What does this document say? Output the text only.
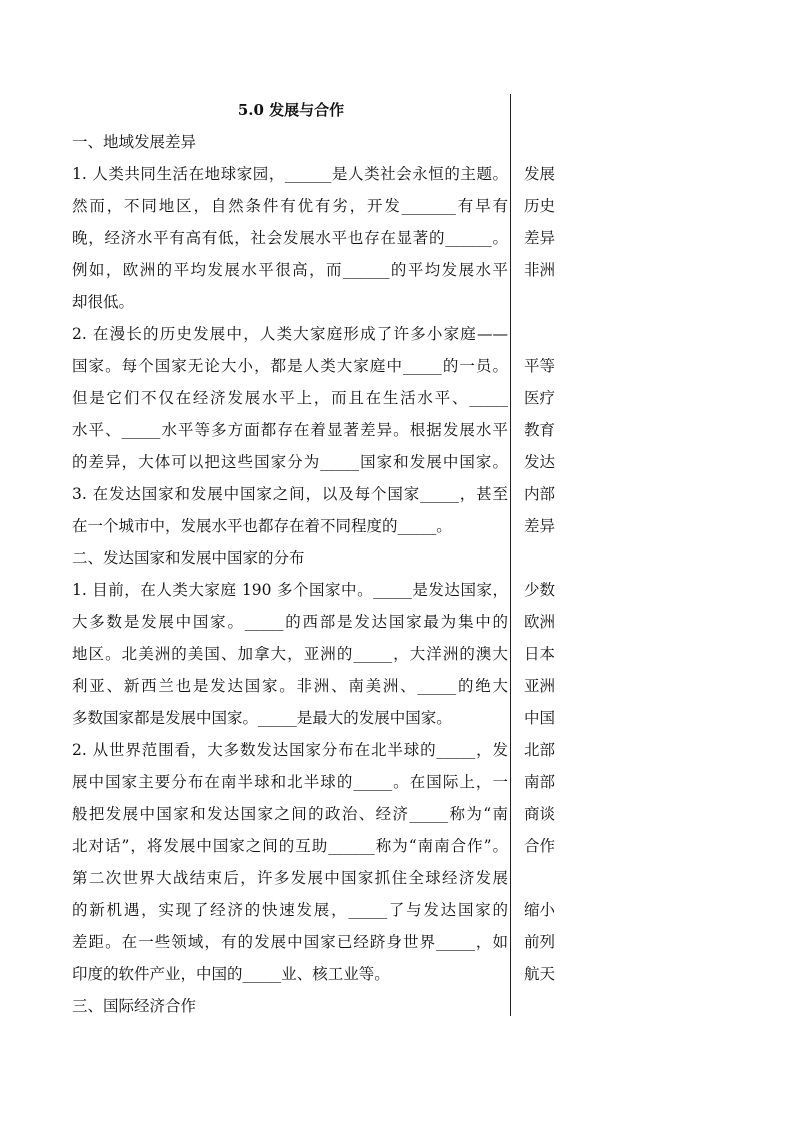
5.0 发展与合作
一、地域发展差异
1. 人类共同生活在地球家园，______是人类社会永恒的主题。
然而，不同地区，自然条件有优有劣，开发_______有早有
晚，经济水平有高有低，社会发展水平也存在显著的______。
例如，欧洲的平均发展水平很高，而______的平均发展水平
却很低。
2. 在漫长的历史发展中，人类大家庭形成了许多小家庭——
国家。每个国家无论大小，都是人类大家庭中_____的一员。
但是它们不仅在经济发展水平上，而且在生活水平、_____
水平、_____水平等多方面都存在着显著差异。根据发展水平
的差异，大体可以把这些国家分为_____国家和发展中国家。
3. 在发达国家和发展中国家之间，以及每个国家_____，甚至
在一个城市中，发展水平也都存在着不同程度的_____。
二、发达国家和发展中国家的分布
1. 目前，在人类大家庭 190 多个国家中。_____是发达国家，
大多数是发展中国家。_____的西部是发达国家最为集中的
地区。北美洲的美国、加拿大，亚洲的_____，大洋洲的澳大
利亚、新西兰也是发达国家。非洲、南美洲、_____的绝大
多数国家都是发展中国家。_____是最大的发展中国家。
2. 从世界范围看，大多数发达国家分布在北半球的_____，发
展中国家主要分布在南半球和北半球的_____。在国际上，一
般把发展中国家和发达国家之间的政治、经济_____称为“南
北对话”，将发展中国家之间的互助______称为“南南合作”。
第二次世界大战结束后，许多发展中国家抓住全球经济发展
的新机遇，实现了经济的快速发展，_____了与发达国家的
差距。在一些领域，有的发展中国家已经跻身世界_____，如
印度的软件产业，中国的_____业、核工业等。
三、国际经济合作
发展
历史
差异
非洲
平等
医疗
教育
发达
内部
差异
少数
欧洲
日本
亚洲
中国
北部
南部
商谈
合作
缩小
前列
航天
